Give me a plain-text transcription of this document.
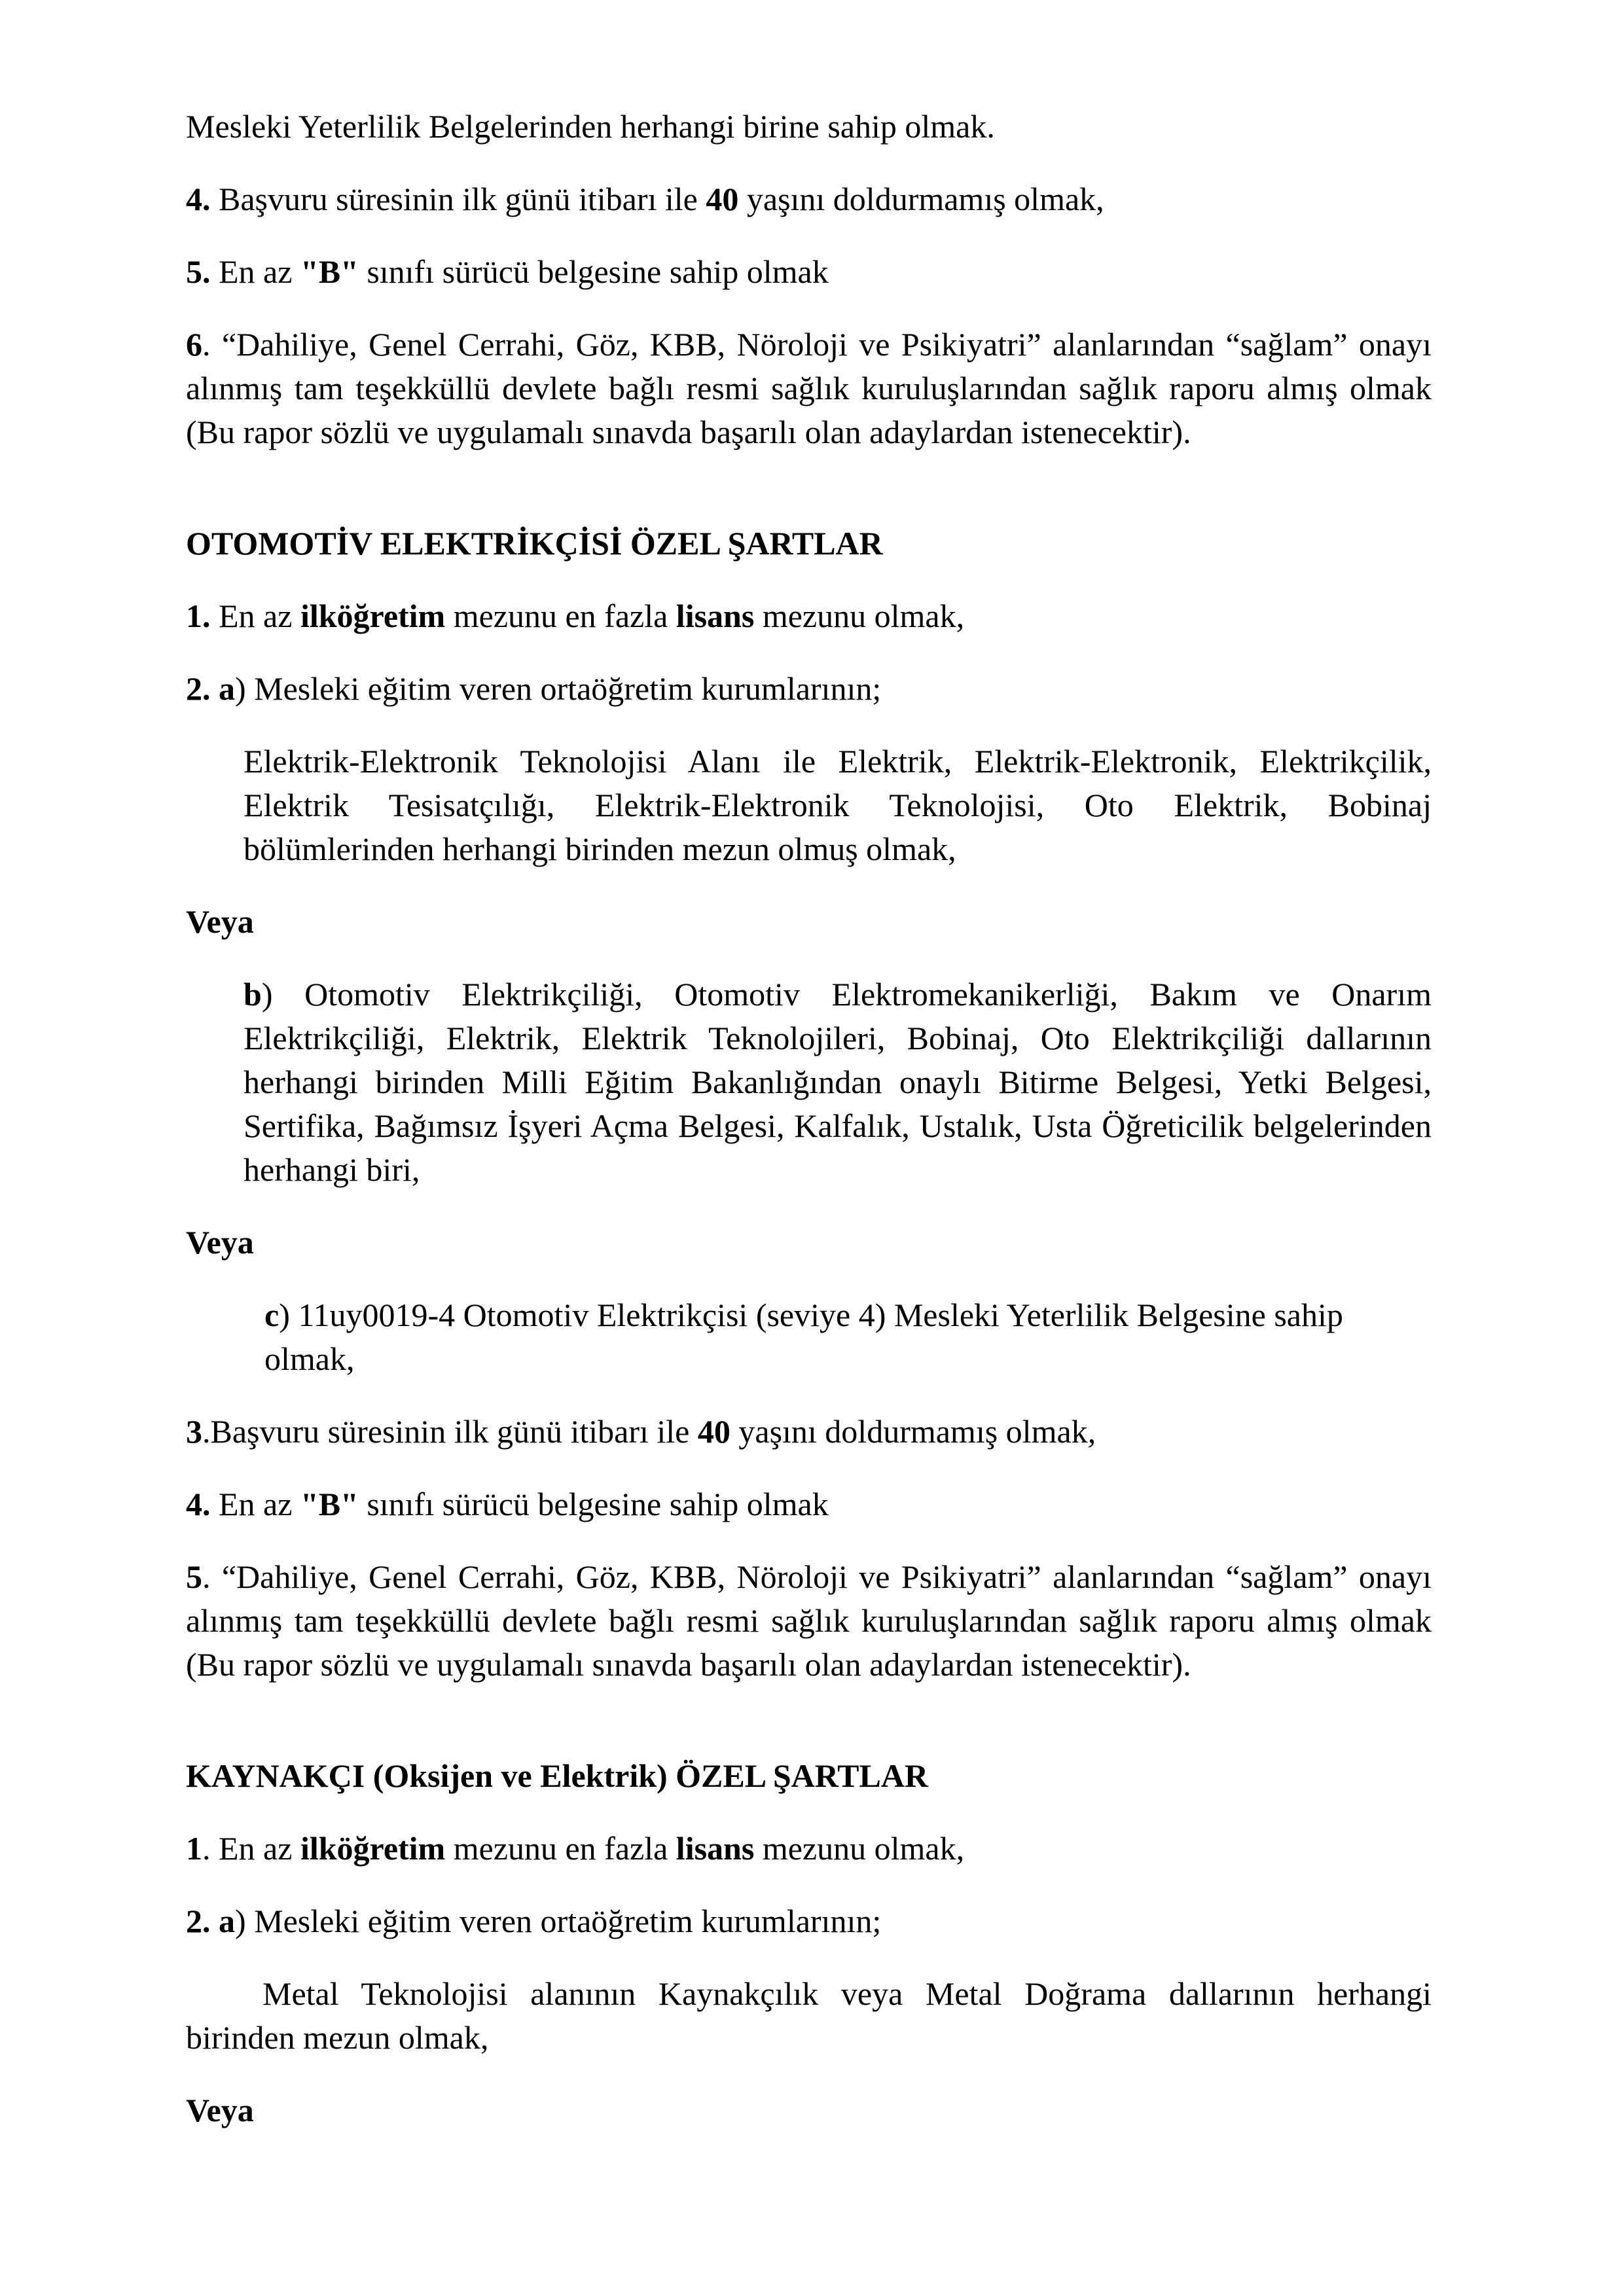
Mesleki Yeterlilik Belgelerinden herhangi birine sahip olmak.

4. Başvuru süresinin ilk günü itibarı ile 40 yaşını doldurmamış olmak,

5. En az "B" sınıfı sürücü belgesine sahip olmak

6. “Dahiliye, Genel Cerrahi, Göz, KBB, Nöroloji ve Psikiyatri” alanlarından “sağlam” onayı alınmış tam teşekküllü devlete bağlı resmi sağlık kuruluşlarından sağlık raporu almış olmak (Bu rapor sözlü ve uygulamalı sınavda başarılı olan adaylardan istenecektir).

OTOMOTİV ELEKTRİKÇİSİ ÖZEL ŞARTLAR

1. En az ilköğretim mezunu en fazla lisans mezunu olmak,

2. a) Mesleki eğitim veren ortaöğretim kurumlarının;

Elektrik-Elektronik Teknolojisi Alanı ile Elektrik, Elektrik-Elektronik, Elektrikçilik, Elektrik Tesisatçılığı, Elektrik-Elektronik Teknolojisi, Oto Elektrik, Bobinaj bölümlerinden herhangi birinden mezun olmuş olmak,

Veya

b) Otomotiv Elektrikçiliği, Otomotiv Elektromekanikerliği, Bakım ve Onarım Elektrikçiliği, Elektrik, Elektrik Teknolojileri, Bobinaj, Oto Elektrikçiliği dallarının herhangi birinden Milli Eğitim Bakanlığından onaylı Bitirme Belgesi, Yetki Belgesi, Sertifika, Bağımsız İşyeri Açma Belgesi, Kalfalık, Ustalık, Usta Öğreticilik belgelerinden herhangi biri,

Veya

c) 11uy0019-4 Otomotiv Elektrikçisi (seviye 4) Mesleki Yeterlilik Belgesine sahip olmak,

3.Başvuru süresinin ilk günü itibarı ile 40 yaşını doldurmamış olmak,

4. En az "B" sınıfı sürücü belgesine sahip olmak

5. “Dahiliye, Genel Cerrahi, Göz, KBB, Nöroloji ve Psikiyatri” alanlarından “sağlam” onayı alınmış tam teşekküllü devlete bağlı resmi sağlık kuruluşlarından sağlık raporu almış olmak (Bu rapor sözlü ve uygulamalı sınavda başarılı olan adaylardan istenecektir).

KAYNAKÇI (Oksijen ve Elektrik) ÖZEL ŞARTLAR

1. En az ilköğretim mezunu en fazla lisans mezunu olmak,

2. a) Mesleki eğitim veren ortaöğretim kurumlarının;

Metal Teknolojisi alanının Kaynakçılık veya Metal Doğrama dallarının herhangi birinden mezun olmak,

Veya
